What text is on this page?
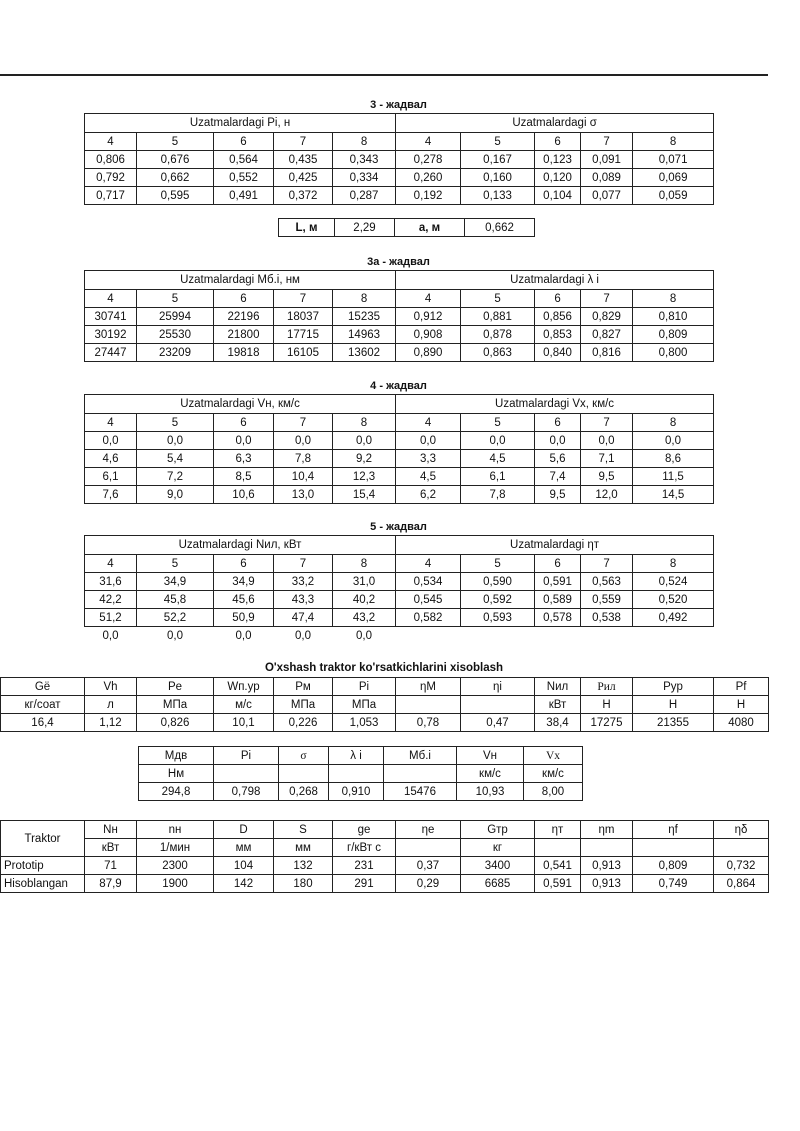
3 - жадвал
Uzatmalardagi Pi, н					Uzatmalardagi σ				
4	5	6	7	8	4	5	6	7	8
0,806	0,676	0,564	0,435	0,343	0,278	0,167	0,123	0,091	0,071
0,792	0,662	0,552	0,425	0,334	0,260	0,160	0,120	0,089	0,069
0,717	0,595	0,491	0,372	0,287	0,192	0,133	0,104	0,077	0,059
L, м	2,29	a, м	0,662
3а - жадвал
Uzatmalardagi Mб.i, нм					Uzatmalardagi λ i				
4	5	6	7	8	4	5	6	7	8
30741	25994	22196	18037	15235	0,912	0,881	0,856	0,829	0,810
30192	25530	21800	17715	14963	0,908	0,878	0,853	0,827	0,809
27447	23209	19818	16105	13602	0,890	0,863	0,840	0,816	0,800
4 - жадвал
Uzatmalardagi Vн, км/с					Uzatmalardagi Vx, км/с				
4	5	6	7	8	4	5	6	7	8
0,0	0,0	0,0	0,0	0,0	0,0	0,0	0,0	0,0	0,0
4,6	5,4	6,3	7,8	9,2	3,3	4,5	5,6	7,1	8,6
6,1	7,2	8,5	10,4	12,3	4,5	6,1	7,4	9,5	11,5
7,6	9,0	10,6	13,0	15,4	6,2	7,8	9,5	12,0	14,5
5 - жадвал
Uzatmalardagi Nил, кВт					Uzatmalardagi ηт				
4	5	6	7	8	4	5	6	7	8
31,6	34,9	34,9	33,2	31,0	0,534	0,590	0,591	0,563	0,524
42,2	45,8	45,6	43,3	40,2	0,545	0,592	0,589	0,559	0,520
51,2	52,2	50,9	47,4	43,2	0,582	0,593	0,578	0,538	0,492
0,0	0,0	0,0	0,0	0,0					
O'xshash traktor ko'rsatkichlarini xisoblash
Gё	Vh	Pe	Wп.ур	Pм	Pi	ηM	ηi	Nил	Pил	Pyp	Pf
кг/соат	л	МПа	м/с	МПа	МПа			кВт	Н	Н	Н
16,4	1,12	0,826	10,1	0,226	1,053	0,78	0,47	38,4	17275	21355	4080
Мдв	Pi	σ	λ i	Mб.i	Vн	Vx
Нм					км/с	км/с
294,8	0,798	0,268	0,910	15476	10,93	8,00
Traktor	Nн	nн	D	S	ge	ηe	Gтр	ηт	ηm	ηf	ηδ
	кВт	1/мин	мм	мм	г/кВт с		кг				
Prototip	71	2300	104	132	231	0,37	3400	0,541	0,913	0,809	0,732
Hisoblangan	87,9	1900	142	180	291	0,29	6685	0,591	0,913	0,749	0,864
